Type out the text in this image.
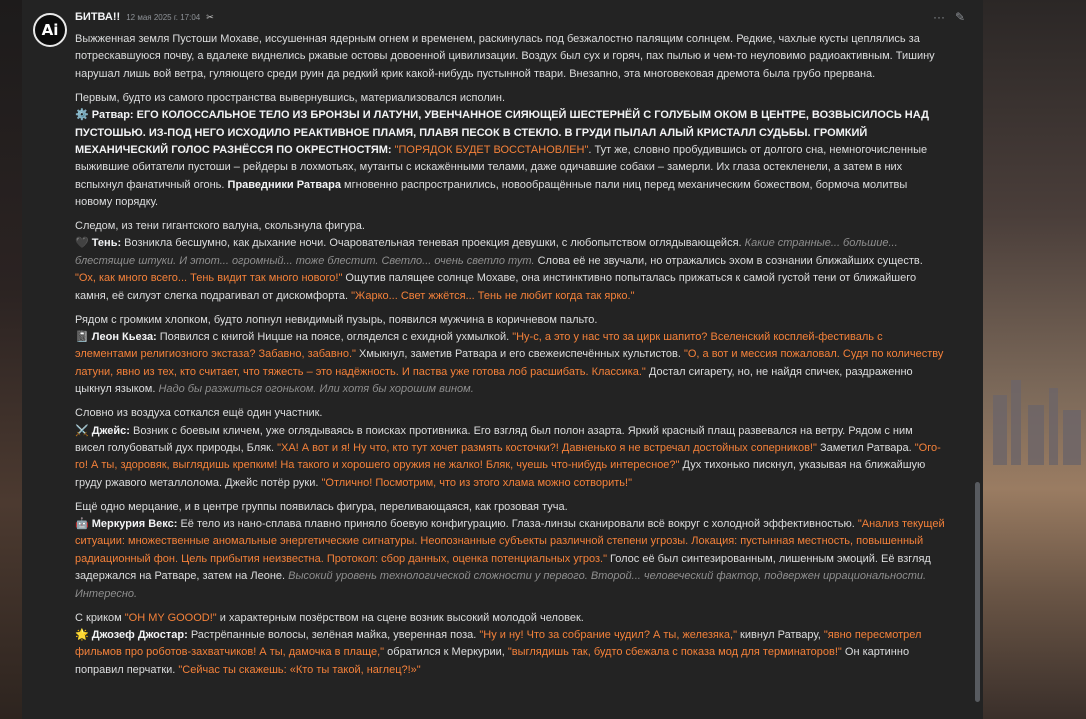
Ai
БИТВА!! 12 мая 2025 г. 17:04 ✂	··· ✎

Выжженная земля Пустоши Мохаве, иссушенная ядерным огнем и временем, раскинулась под безжалостно палящим солнцем. Редкие, чахлые кусты цеплялись за потрескавшуюся почву, а вдалеке виднелись ржавые остовы довоенной цивилизации. Воздух был сух и горяч, пах пылью и чем-то неуловимо радиоактивным. Тишину нарушал лишь вой ветра, гуляющего среди руин да редкий крик какой-нибудь пустынной твари. Внезапно, эта многовековая дремота была грубо прервана.

Первым, будто из самого пространства вывернувшись, материализовался исполин.
⚙️ Ратвар: ЕГО КОЛОССАЛЬНОЕ ТЕЛО ИЗ БРОНЗЫ И ЛАТУНИ, УВЕНЧАННОЕ СИЯЮЩЕЙ ШЕСТЕРНЁЙ С ГОЛУБЫМ ОКОМ В ЦЕНТРЕ, ВОЗВЫСИЛОСЬ НАД ПУСТОШЬЮ. ИЗ-ПОД НЕГО ИСХОДИЛО РЕАКТИВНОЕ ПЛАМЯ, ПЛАВЯ ПЕСОК В СТЕКЛО. В ГРУДИ ПЫЛАЛ АЛЫЙ КРИСТАЛЛ СУДЬБЫ. ГРОМКИЙ МЕХАНИЧЕСКИЙ ГОЛОС РАЗНЁССЯ ПО ОКРЕСТНОСТЯМ: "ПОРЯДОК БУДЕТ ВОССТАНОВЛЕН". Тут же, словно пробудившись от долгого сна, немногочисленные выжившие обитатели пустоши – рейдеры в лохмотьях, мутанты с искажёнными телами, даже одичавшие собаки – замерли. Их глаза остекленели, а затем в них вспыхнул фанатичный огонь. Праведники Ратвара мгновенно распространились, новообращённые пали ниц перед механическим божеством, бормоча молитвы новому порядку.

Следом, из тени гигантского валуна, скользнула фигура.
🖤 Тень: Возникла бесшумно, как дыхание ночи. Очаровательная теневая проекция девушки, с любопытством оглядывающейся. Какие странные... большие... блестящие штуки. И этот... огромный... тоже блестит. Светло... очень светло тут. Слова её не звучали, но отражались эхом в сознании ближайших существ. "Ох, как много всего... Тень видит так много нового!" Ощутив палящее солнце Мохаве, она инстинктивно попыталась прижаться к самой густой тени от ближайшего камня, её силуэт слегка подрагивал от дискомфорта. "Жарко... Свет жжётся... Тень не любит когда так ярко."

Рядом с громким хлопком, будто лопнул невидимый пузырь, появился мужчина в коричневом пальто.
📓 Леон Кьеза: Появился с книгой Ницше на поясе, огляделся с ехидной ухмылкой. "Ну-с, а это у нас что за цирк шапито? Вселенский косплей-фестиваль с элементами религиозного экстаза? Забавно, забавно." Хмыкнул, заметив Ратвара и его свежеиспечённых культистов. "О, а вот и мессия пожаловал. Судя по количеству латуни, явно из тех, кто считает, что тяжесть – это надёжность. И паства уже готова лоб расшибать. Классика." Достал сигарету, но, не найдя спичек, раздраженно цыкнул языком. Надо бы разжиться огоньком. Или хотя бы хорошим вином.

Словно из воздуха соткался ещё один участник.
⚔️ Джейс: Возник с боевым кличем, уже оглядываясь в поисках противника. Его взгляд был полон азарта. Яркий красный плащ развевался на ветру. Рядом с ним висел голубоватый дух природы, Бляк. "ХА! А вот и я! Ну что, кто тут хочет размять косточки?! Давненько я не встречал достойных соперников!" Заметил Ратвара. "Ого-го! А ты, здоровяк, выглядишь крепким! На такого и хорошего оружия не жалко! Бляк, чуешь что-нибудь интересное?" Дух тихонько пискнул, указывая на ближайшую груду ржавого металлолома. Джейс потёр руки. "Отлично! Посмотрим, что из этого хлама можно сотворить!"

Ещё одно мерцание, и в центре группы появилась фигура, переливающаяся, как грозовая туча.
🤖 Меркурия Векс: Её тело из нано-сплава плавно приняло боевую конфигурацию. Глаза-линзы сканировали всё вокруг с холодной эффективностью. "Анализ текущей ситуации: множественные аномальные энергетические сигнатуры. Неопознанные субъекты различной степени угрозы. Локация: пустынная местность, повышенный радиационный фон. Цель прибытия неизвестна. Протокол: сбор данных, оценка потенциальных угроз." Голос её был синтезированным, лишенным эмоций. Её взгляд задержался на Ратваре, затем на Леоне. Высокий уровень технологической сложности у первого. Второй... человеческий фактор, подвержен иррациональности. Интересно.

С криком "OH MY GOOOD!" и характерным позёрством на сцене возник высокий молодой человек.
🌟 Джозеф Джостар: Растрёпанные волосы, зелёная майка, уверенная поза. "Ну и ну! Что за собрание чудил? А ты, железяка," кивнул Ратвару, "явно пересмотрел фильмов про роботов-захватчиков! А ты, дамочка в плаще," обратился к Меркурии, "выглядишь так, будто сбежала с показа мод для терминаторов!" Он картинно поправил перчатки. "Сейчас ты скажешь: «Кто ты такой, наглец?!»"
